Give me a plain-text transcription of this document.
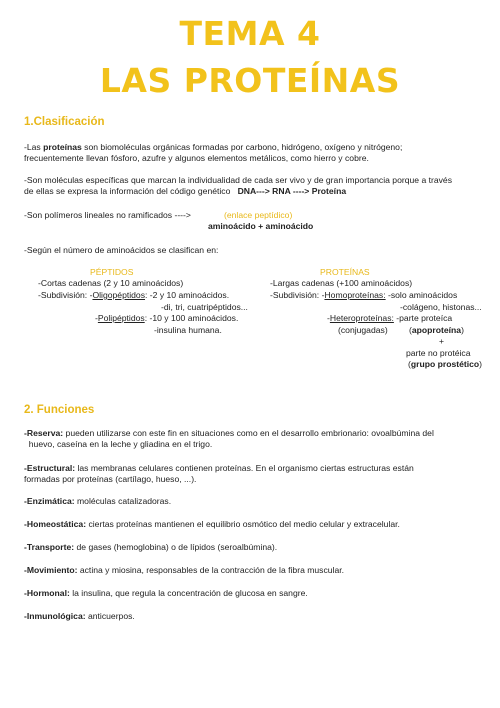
TEMA 4
LAS PROTEÍNAS
1.Clasificación
-Las proteínas son biomoléculas orgánicas formadas por carbono, hidrógeno, oxígeno y nitrógeno;
frecuentemente llevan fósforo, azufre y algunos elementos metálicos, como hierro y cobre.
-Son moléculas específicas que marcan la individualidad de cada ser vivo y de gran importancia porque a través
de ellas se expresa la información del código genético DNA---> RNA ----> Proteína
-Son polímeros lineales no ramificados ---->	(enlace peptídico)
aminoácido + aminoácido
-Según el número de aminoácidos se clasifican en:
PÉPTIDOS
-Cortas cadenas (2 y 10 aminoácidos)
-Subdivisión: -Oligopéptidos: -2 y 10 aminoácidos.
-di, tri, cuatripéptidos...
-Polipéptidos: -10 y 100 aminoácidos.
-insulina humana.
PROTEÍNAS
-Largas cadenas (+100 aminoácidos)
-Subdivisión: -Homoproteínas: -solo aminoácidos
-colágeno, histonas...
-Heteroproteínas: -parte proteíca
(conjugadas) (apoproteína)
+
parte no protéica
(grupo prostético)
2. Funciones
-Reserva: pueden utilizarse con este fin en situaciones como en el desarrollo embrionario: ovoalbúmina del
huevo, caseína en la leche y gliadina en el trigo.
-Estructural: las membranas celulares contienen proteínas. En el organismo ciertas estructuras están
formadas por proteínas (cartílago, hueso, ...).
-Enzimática: moléculas catalizadoras.
-Homeostática: ciertas proteínas mantienen el equilibrio osmótico del medio celular y extracelular.
-Transporte: de gases (hemoglobina) o de lípidos (seroalbúmina).
-Movimiento: actina y miosina, responsables de la contracción de la fibra muscular.
-Hormonal: la insulina, que regula la concentración de glucosa en sangre.
-Inmunológica: anticuerpos.
